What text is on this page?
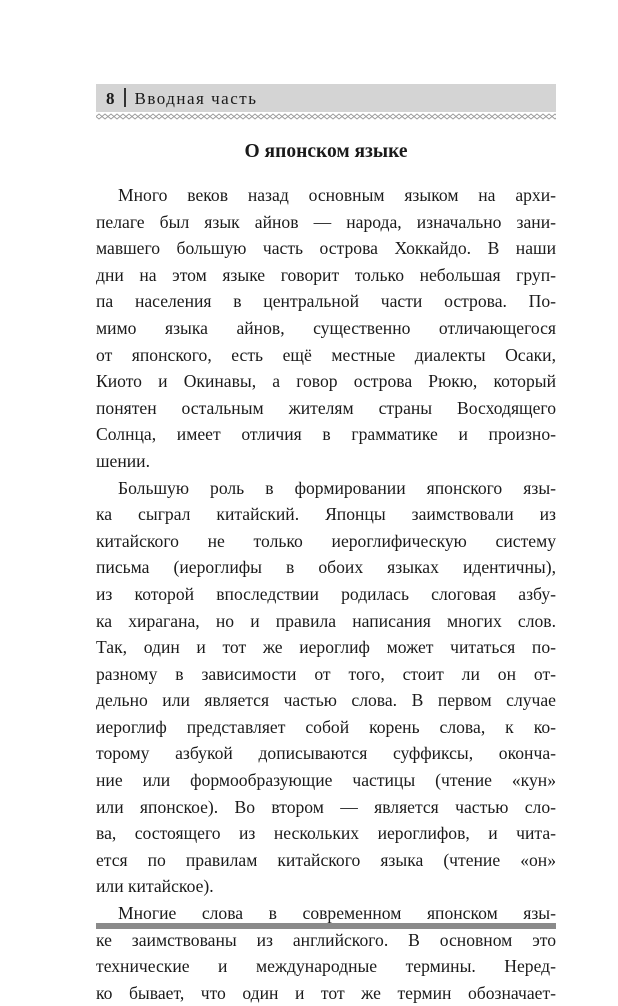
8 Вводная часть
О японском языке
Много веков назад основным языком на архи-
пелаге был язык айнов — народа, изначально зани-
мавшего большую часть острова Хоккайдо. В наши
дни на этом языке говорит только небольшая груп-
па населения в центральной части острова. По-
мимо языка айнов, существенно отличающегося
от японского, есть ещё местные диалекты Осаки,
Киото и Окинавы, а говор острова Рюкю, который
понятен остальным жителям страны Восходящего
Солнца, имеет отличия в грамматике и произно-
шении.
Большую роль в формировании японского язы-
ка сыграл китайский. Японцы заимствовали из
китайского не только иероглифическую систему
письма (иероглифы в обоих языках идентичны),
из которой впоследствии родилась слоговая азбу-
ка хирагана, но и правила написания многих слов.
Так, один и тот же иероглиф может читаться по-
разному в зависимости от того, стоит ли он от-
дельно или является частью слова. В первом случае
иероглиф представляет собой корень слова, к ко-
торому азбукой дописываются суффиксы, оконча-
ние или формообразующие частицы (чтение «кун»
или японское). Во втором — является частью сло-
ва, состоящего из нескольких иероглифов, и чита-
ется по правилам китайского языка (чтение «он»
или китайское).
Многие слова в современном японском язы-
ке заимствованы из английского. В основном это
технические и международные термины. Неред-
ко бывает, что один и тот же термин обозначает-
